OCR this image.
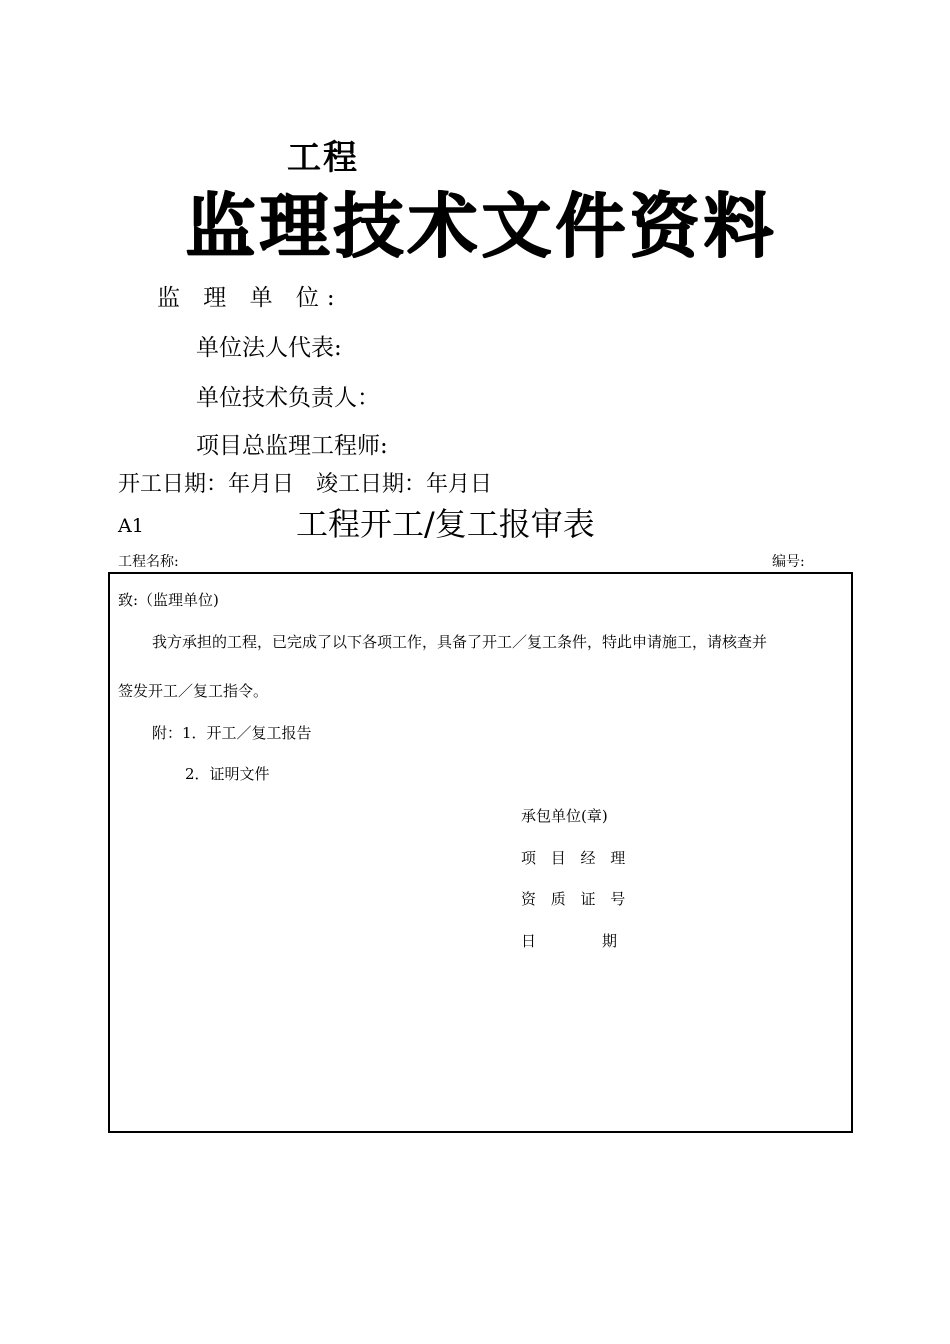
工程
监理技术文件资料
监 理 单 位:
单位法人代表:
单位技术负责人：
项目总监理工程师:
开工日期：年月日　竣工日期：年月日
A1	工程开工/复工报审表
工程名称:	编号:
致:（监理单位)
我方承担的工程，已完成了以下各项工作，具备了开工／复工条件，特此申请施工，请核查并
签发开工／复工指令。
附：1．开工／复工报告
2．证明文件
承包单位(章)
项 目 经 理
资 质 证 号
日	期
